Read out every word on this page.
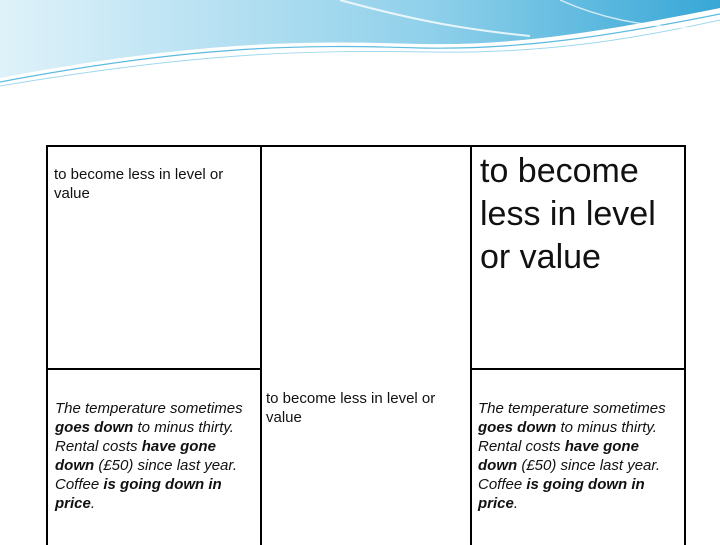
to become less in level or value

to become less in level or value

The temperature sometimes goes down to minus thirty. Rental costs have gone down (£50) since last year. Coffee is going down in price.

to become less in level or value

The temperature sometimes goes down to minus thirty. Rental costs have gone down (£50) since last year. Coffee is going down in price.
